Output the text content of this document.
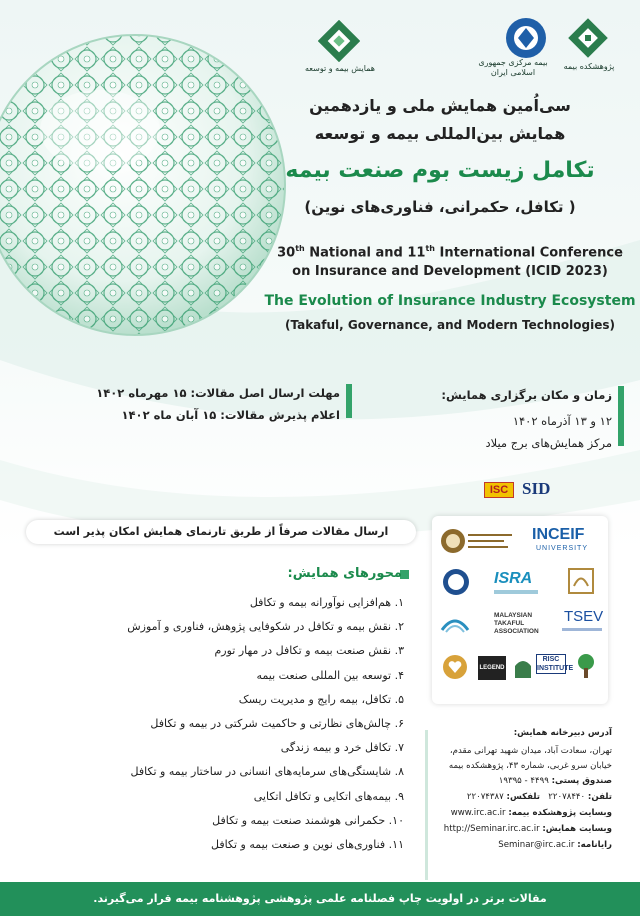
همایش بیمه و توسعه
بیمه مرکزی جمهوری اسلامی ایران
پژوهشکده بیمه
سی‌اُمین همایش ملی و یازدهمین
همایش بین‌المللی بیمه و توسعه
تکامل زیست بوم صنعت بیمه
( تکافل، حکمرانی، فناوری‌های نوین)
30th National and 11th International Conference
on Insurance and Development (ICID 2023)
The Evolution of Insurance Industry Ecosystem
(Takaful, Governance, and Modern Technologies)
مهلت ارسال اصل مقالات: ۱۵ مهرماه ۱۴۰۲
اعلام پذیرش مقالات: ۱۵ آبان ماه ۱۴۰۲
زمان و مکان برگزاری همایش:
۱۲ و ۱۳ آذرماه ۱۴۰۲
مرکز همایش‌های برج میلاد
ISC SID
ارسال مقالات صرفاً از طریق تارنمای همایش امکان پذیر است	INCEIF
UNIVERSITY
ISRA
MALAYSIAN TAKAFUL ASSOCIATION
TSEV
LEGEND
RISC INSTITUTE
محورهای همایش:
۱. هم‌افزایی نوآورانه بیمه و تکافل
۲. نقش بیمه و تکافل در شکوفایی پژوهش، فناوری و آموزش
۳. نقش صنعت بیمه و تکافل در مهار تورم
۴. توسعه بین المللی صنعت بیمه
۵. تکافل، بیمه رایج و مدیریت ریسک
۶. چالش‌های نظارتی و حاکمیت شرکتی در بیمه و تکافل
۷. تکافل خرد و بیمه زندگی
۸. شایستگی‌های سرمایه‌های انسانی در ساختار بیمه و تکافل
۹. بیمه‌های اتکایی و تکافل اتکایی
۱۰. حکمرانی هوشمند صنعت بیمه و تکافل
۱۱. فناوری‌های نوین و صنعت بیمه و تکافل
آدرس دبیرخانه همایش:
تهران، سعادت آباد، میدان شهید تهرانی مقدم،
خیابان سرو غربی، شماره ۴۳، پژوهشکده بیمه
صندوق پستی: ۴۴۹۹ - ۱۹۳۹۵
تلفن: ۲۲۰۷۸۴۴۰   تلفکس: ۲۲۰۷۴۳۸۷
وبسایت پژوهشکده بیمه: www.irc.ac.ir
وبسایت همایش: http://Seminar.irc.ac.ir
رایانامه: Seminar@irc.ac.ir
مقالات برتر در اولویت چاپ فصلنامه علمی پژوهشی پژوهشنامه بیمه قرار می‌گیرند.
